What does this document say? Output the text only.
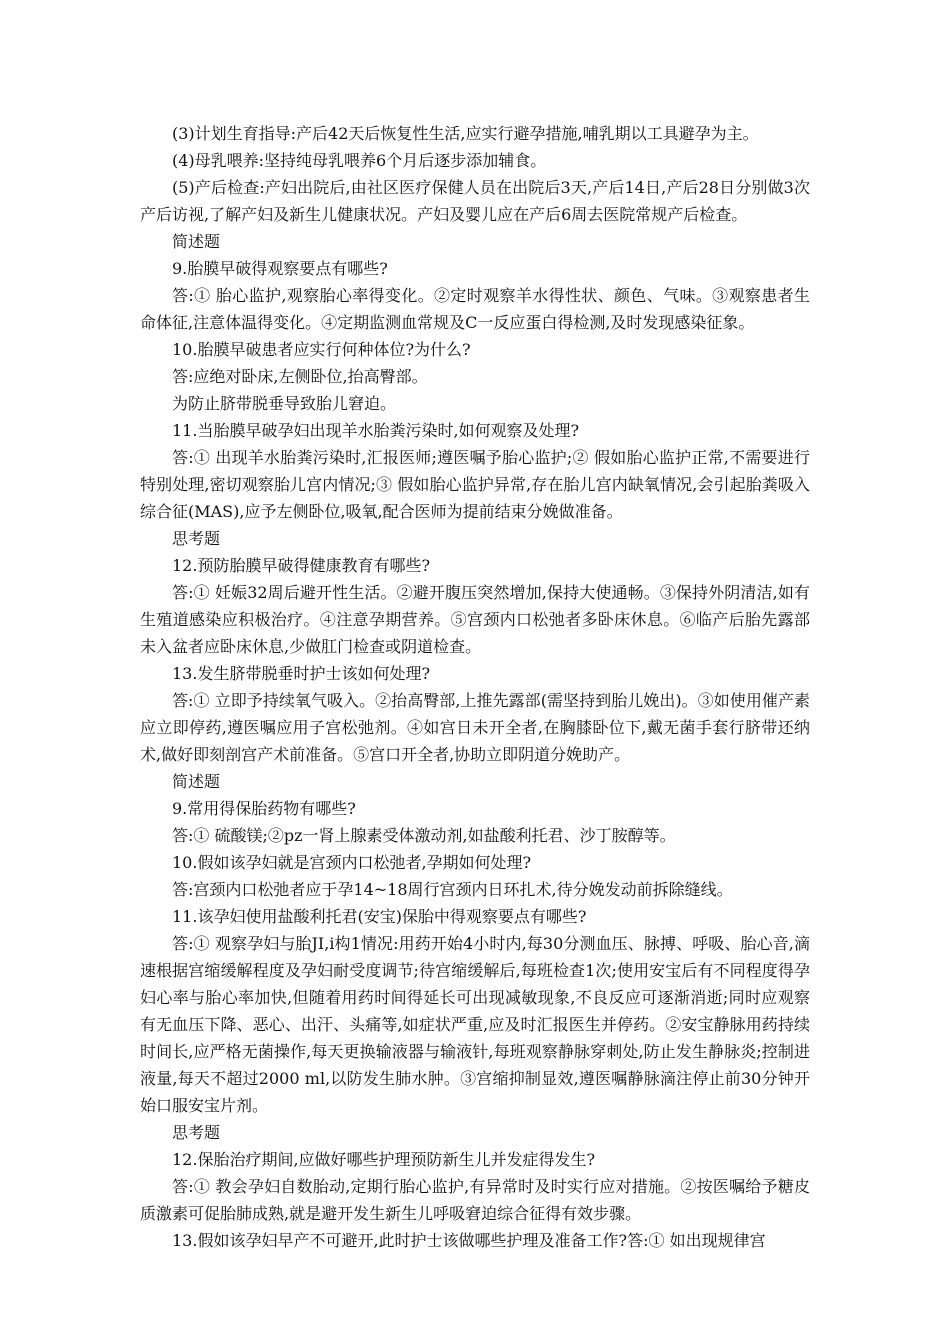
(3)计划生育指导:产后42天后恢复性生活,应实行避孕措施,哺乳期以工具避孕为主。

(4)母乳喂养:坚持纯母乳喂养6个月后逐步添加辅食。

(5)产后检查:产妇出院后,由社区医疗保健人员在出院后3天,产后14日,产后28日分别做3次产后访视,了解产妇及新生儿健康状况。产妇及婴儿应在产后6周去医院常规产后检查。

简述题

9.胎膜早破得观察要点有哪些?

答:① 胎心监护,观察胎心率得变化。②定时观察羊水得性状、颜色、气味。③观察患者生命体征,注意体温得变化。④定期监测血常规及C一反应蛋白得检测,及时发现感染征象。

10.胎膜早破患者应实行何种体位?为什么?

答:应绝对卧床,左侧卧位,抬高臀部。

为防止脐带脱垂导致胎儿窘迫。

11.当胎膜早破孕妇出现羊水胎粪污染时,如何观察及处理?

答:① 出现羊水胎粪污染时,汇报医师;遵医嘱予胎心监护;② 假如胎心监护正常,不需要进行特别处理,密切观察胎儿宫内情况;③ 假如胎心监护异常,存在胎儿宫内缺氧情况,会引起胎粪吸入综合征(MAS),应予左侧卧位,吸氧,配合医师为提前结束分娩做准备。

思考题

12.预防胎膜早破得健康教育有哪些?

答:① 妊娠32周后避开性生活。②避开腹压突然增加,保持大使通畅。③保持外阴清洁,如有生殖道感染应积极治疗。④注意孕期营养。⑤宫颈内口松弛者多卧床休息。⑥临产后胎先露部未入盆者应卧床休息,少做肛门检查或阴道检查。

13.发生脐带脱垂时护士该如何处理?

答:① 立即予持续氧气吸入。②抬高臀部,上推先露部(需坚持到胎儿娩出)。③如使用催产素应立即停药,遵医嘱应用子宫松弛剂。④如宫日未开全者,在胸膝卧位下,戴无菌手套行脐带还纳术,做好即刻剖宫产术前准备。⑤宫口开全者,协助立即阴道分娩助产。

简述题

9.常用得保胎药物有哪些?

答:① 硫酸镁;②pz一肾上腺素受体激动剂,如盐酸利托君、沙丁胺醇等。

10.假如该孕妇就是宫颈内口松弛者,孕期如何处理?

答:宫颈内口松弛者应于孕14~18周行宫颈内日环扎术,待分娩发动前拆除缝线。

11.该孕妇使用盐酸利托君(安宝)保胎中得观察要点有哪些?

答:① 观察孕妇与胎JI,i构1情况:用药开始4小时内,每30分测血压、脉搏、呼吸、胎心音,滴速根据宫缩缓解程度及孕妇耐受度调节;待宫缩缓解后,每班检查1次;使用安宝后有不同程度得孕妇心率与胎心率加快,但随着用药时间得延长可出现减敏现象,不良反应可逐渐消逝;同时应观察有无血压下降、恶心、出汗、头痛等,如症状严重,应及时汇报医生并停药。②安宝静脉用药持续时间长,应严格无菌操作,每天更换输液器与输液针,每班观察静脉穿刺处,防止发生静脉炎;控制进液量,每天不超过2000 ml,以防发生肺水肿。③宫缩抑制显效,遵医嘱静脉滴注停止前30分钟开始口服安宝片剂。

思考题

12.保胎治疗期间,应做好哪些护理预防新生儿并发症得发生?

答:① 教会孕妇自数胎动,定期行胎心监护,有异常时及时实行应对措施。②按医嘱给予糖皮质激素可促胎肺成熟,就是避开发生新生儿呼吸窘迫综合征得有效步骤。

13.假如该孕妇早产不可避开,此时护士该做哪些护理及准备工作?答:① 如出现规律宫
